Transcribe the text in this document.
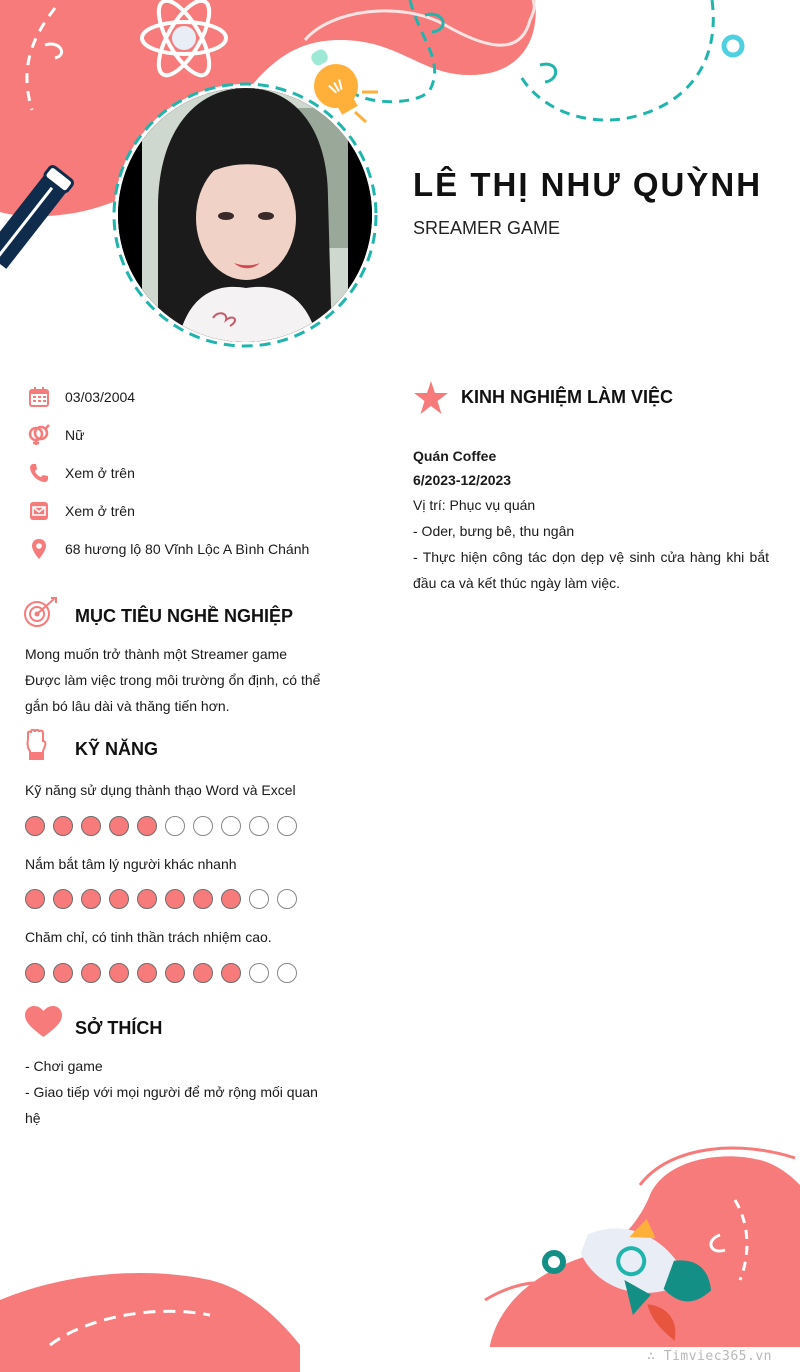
LÊ THỊ NHƯ QUỲNH
SREAMER GAME
03/03/2004
Nữ
Xem ở trên
Xem ở trên
68 hương lộ 80 Vĩnh Lộc A Bình Chánh
MỤC TIÊU NGHỀ NGHIỆP
Mong muốn trở thành một Streamer game
Được làm việc trong môi trường ổn định, có thể gắn bó lâu dài và thăng tiến hơn.
KỸ NĂNG
Kỹ năng sử dụng thành thạo Word và Excel
Nắm bắt tâm lý người khác nhanh
Chăm chỉ, có tinh thần trách nhiệm cao.
SỞ THÍCH
- Chơi game
- Giao tiếp với mọi người để mở rộng mối quan hệ
KINH NGHIỆM LÀM VIỆC
Quán Coffee
6/2023-12/2023
Vị trí: Phục vụ quán
- Oder, bưng bê, thu ngân
- Thực hiện công tác dọn dẹp vệ sinh cửa hàng khi bắt đầu ca và kết thúc ngày làm việc.
∴ Timviec365.vn
